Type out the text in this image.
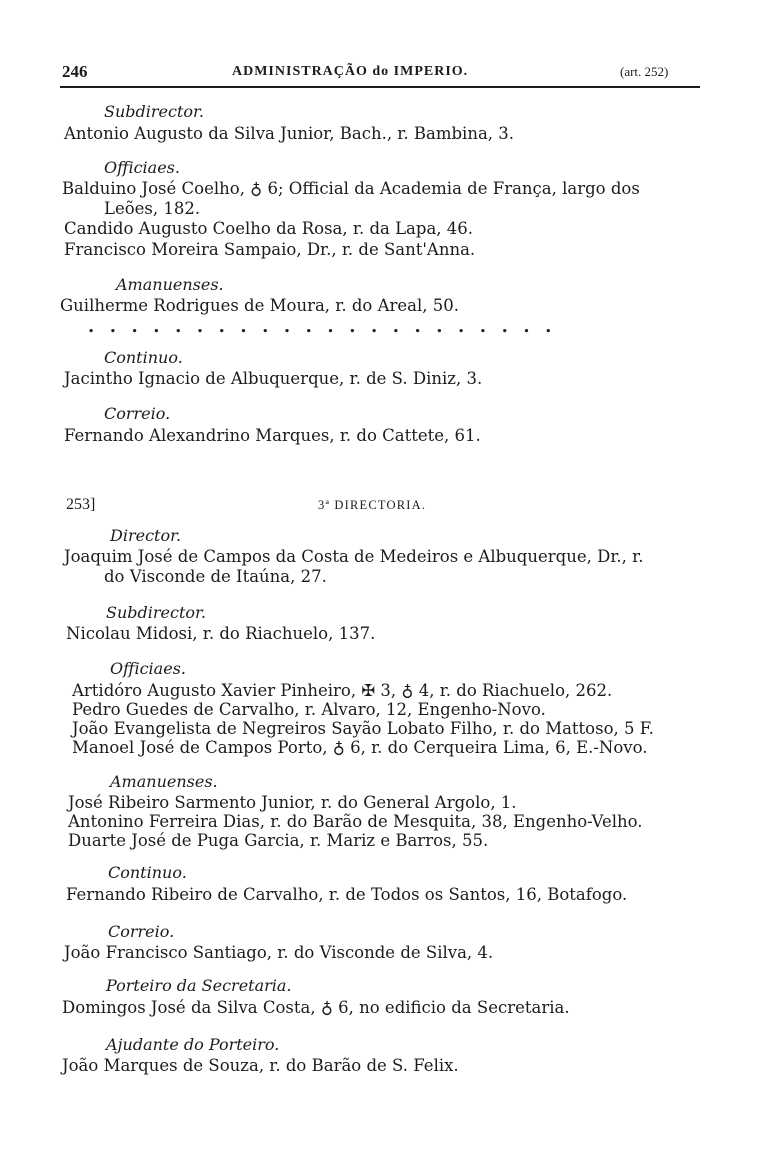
246	ADMINISTRAÇÃO do IMPERIO.	(art. 252)
Subdirector.
Antonio Augusto da Silva Junior, Bach., r. Bambina, 3.
Officiaes.
Balduino José Coelho, ♁ 6; Official da Academia de França, largo dos
Leões, 182.
Candido Augusto Coelho da Rosa, r. da Lapa, 46.
Francisco Moreira Sampaio, Dr., r. de Sant'Anna.
Amanuenses.
Guilherme Rodrigues de Moura, r. do Areal, 50.
......................
Continuo.
Jacintho Ignacio de Albuquerque, r. de S. Diniz, 3.
Correio.
Fernando Alexandrino Marques, r. do Cattete, 61.
253]	3ª DIRECTORIA.
Director.
Joaquim José de Campos da Costa de Medeiros e Albuquerque, Dr., r.
do Visconde de Itaúna, 27.
Subdirector.
Nicolau Midosi, r. do Riachuelo, 137.
Officiaes.
Artidóro Augusto Xavier Pinheiro, ✠ 3, ♁ 4, r. do Riachuelo, 262.
Pedro Guedes de Carvalho, r. Alvaro, 12, Engenho-Novo.
João Evangelista de Negreiros Sayão Lobato Filho, r. do Mattoso, 5 F.
Manoel José de Campos Porto, ♁ 6, r. do Cerqueira Lima, 6, E.-Novo.
Amanuenses.
José Ribeiro Sarmento Junior, r. do General Argolo, 1.
Antonino Ferreira Dias, r. do Barão de Mesquita, 38, Engenho-Velho.
Duarte José de Puga Garcia, r. Mariz e Barros, 55.
Continuo.
Fernando Ribeiro de Carvalho, r. de Todos os Santos, 16, Botafogo.
Correio.
João Francisco Santiago, r. do Visconde de Silva, 4.
Porteiro da Secretaria.
Domingos José da Silva Costa, ♁ 6, no edificio da Secretaria.
Ajudante do Porteiro.
João Marques de Souza, r. do Barão de S. Felix.
